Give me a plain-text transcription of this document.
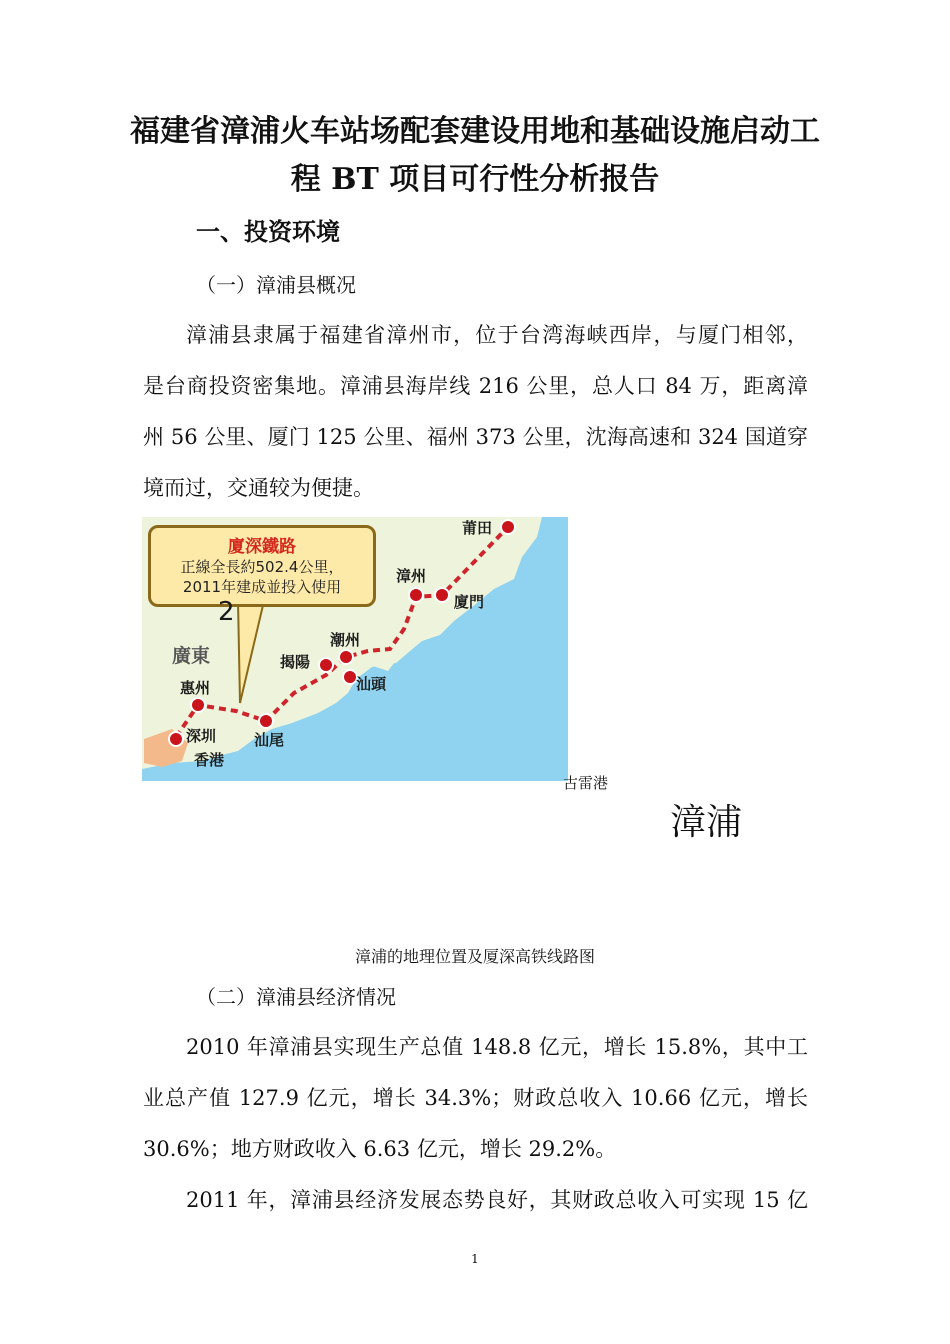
福建省漳浦火车站场配套建设用地和基础设施启动工
程 BT 项目可行性分析报告
一、投资环境
（一）漳浦县概况
漳浦县隶属于福建省漳州市，位于台湾海峡西岸，与厦门相邻，
是台商投资密集地。漳浦县海岸线 216 公里，总人口 84 万，距离漳
州 56 公里、厦门 125 公里、福州 373 公里，沈海高速和 324 国道穿
境而过，交通较为便捷。
廈深鐵路
正線全長約502.4公里，
2011年建成並投入使用
2
廣東
莆田
漳州
廈門
潮州
揭陽
汕頭
惠州
汕尾
深圳
香港
古雷港
漳浦
漳浦的地理位置及厦深高铁线路图
（二）漳浦县经济情况
2010 年漳浦县实现生产总值 148.8 亿元，增长 15.8%，其中工
业总产值 127.9 亿元，增长 34.3%；财政总收入 10.66 亿元，增长
30.6%；地方财政收入 6.63 亿元，增长 29.2%。
2011 年，漳浦县经济发展态势良好，其财政总收入可实现 15 亿
1
